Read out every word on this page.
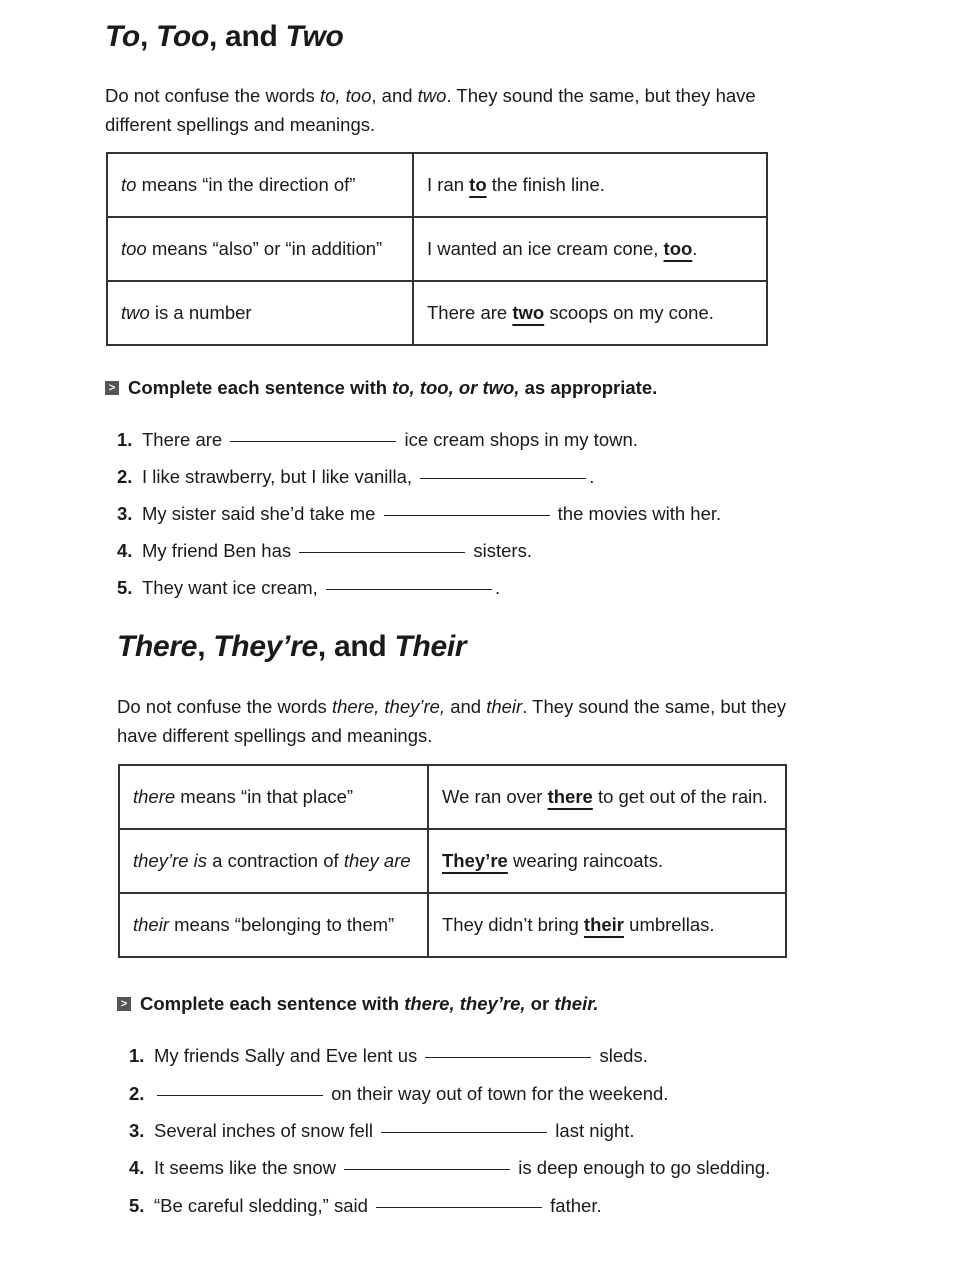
To, Too, and Two
Do not confuse the words to, too, and two. They sound the same, but they have
different spellings and meanings.
to means “in the direction of”	I ran to the finish line.
too means “also” or “in addition”	I wanted an ice cream cone, too.
two is a number	There are two scoops on my cone.
> Complete each sentence with to, too, or two, as appropriate.
1. There are	ice cream shops in my town.
2. I like strawberry, but I like vanilla,	.
3. My sister said she’d take me	the movies with her.
4. My friend Ben has	sisters.
5. They want ice cream,	.
There, They’re, and Their
Do not confuse the words there, they’re, and their. They sound the same, but they
have different spellings and meanings.
there means “in that place”	We ran over there to get out of the rain.
they’re is a contraction of they are	They’re wearing raincoats.
their means “belonging to them”	They didn’t bring their umbrellas.
> Complete each sentence with there, they’re, or their.
1. My friends Sally and Eve lent us	sleds.
2.	on their way out of town for the weekend.
3. Several inches of snow fell	last night.
4. It seems like the snow	is deep enough to go sledding.
5. “Be careful sledding,” said	father.
